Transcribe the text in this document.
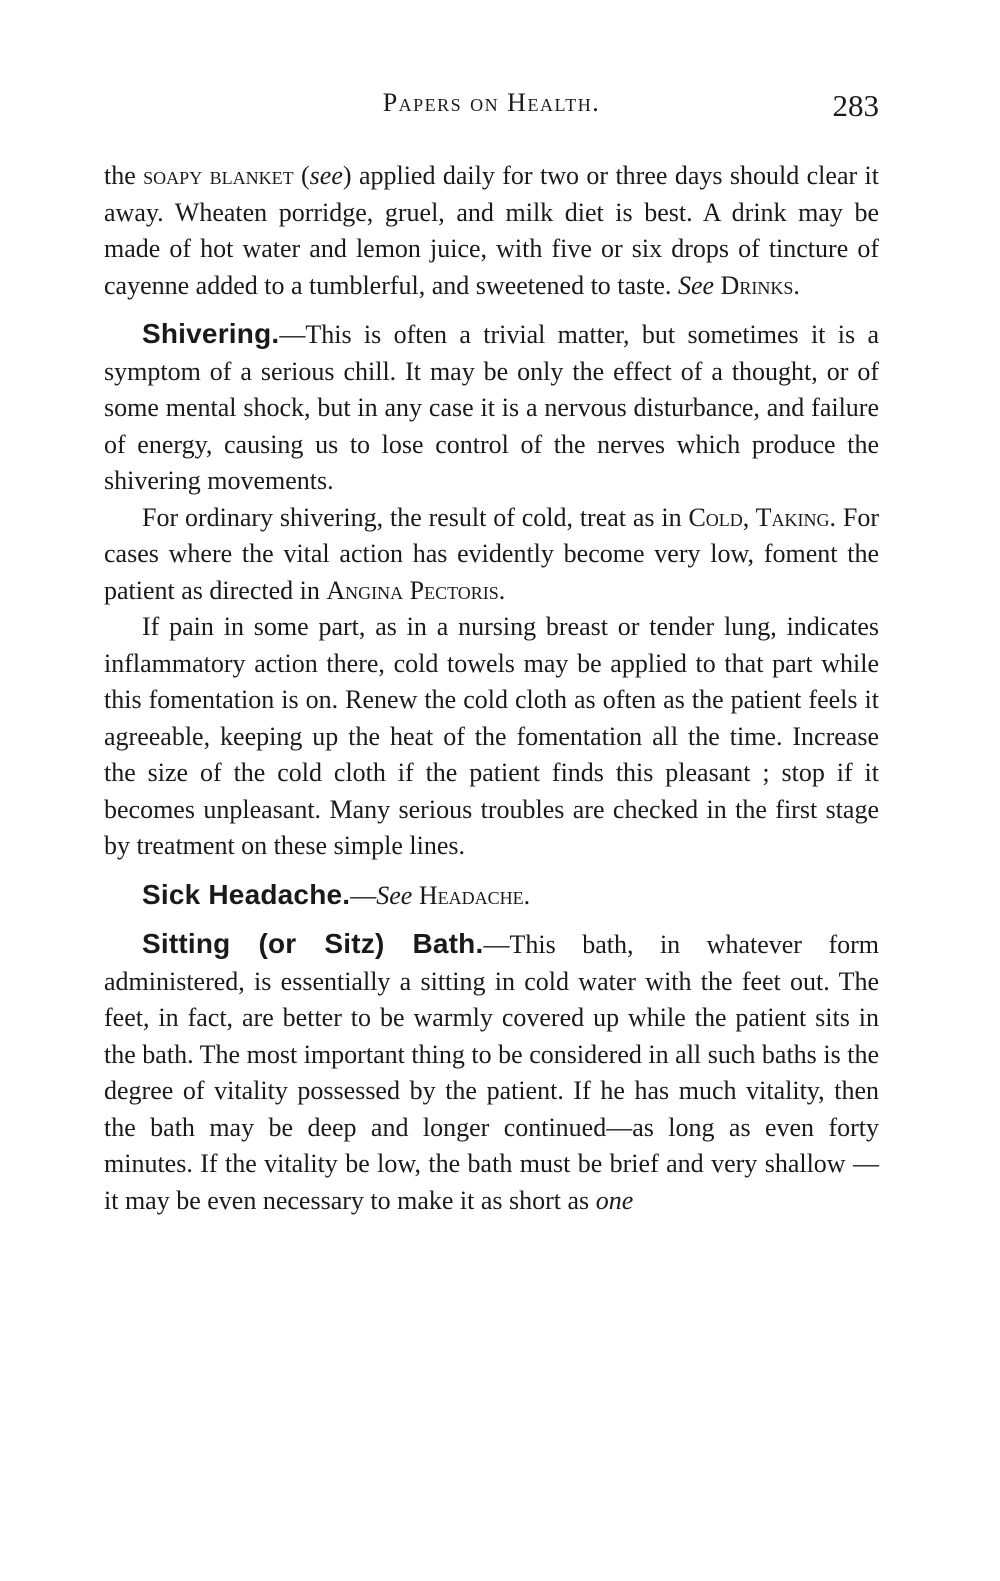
Papers on Health.	283

the soapy blanket (see) applied daily for two or three days should clear it away. Wheaten porridge, gruel, and milk diet is best. A drink may be made of hot water and lemon juice, with five or six drops of tincture of cayenne added to a tumblerful, and sweetened to taste. See Drinks.

Shivering.—This is often a trivial matter, but sometimes it is a symptom of a serious chill. It may be only the effect of a thought, or of some mental shock, but in any case it is a nervous disturbance, and failure of energy, causing us to lose control of the nerves which produce the shivering movements.

For ordinary shivering, the result of cold, treat as in Cold, Taking. For cases where the vital action has evidently become very low, foment the patient as directed in Angina Pectoris.

If pain in some part, as in a nursing breast or tender lung, indicates inflammatory action there, cold towels may be applied to that part while this fomentation is on. Renew the cold cloth as often as the patient feels it agreeable, keeping up the heat of the fomentation all the time. Increase the size of the cold cloth if the patient finds this pleasant ; stop if it becomes unpleasant. Many serious troubles are checked in the first stage by treatment on these simple lines.

Sick Headache.—See Headache.

Sitting (or Sitz) Bath.—This bath, in whatever form administered, is essentially a sitting in cold water with the feet out. The feet, in fact, are better to be warmly covered up while the patient sits in the bath. The most important thing to be considered in all such baths is the degree of vitality possessed by the patient. If he has much vitality, then the bath may be deep and longer continued—as long as even forty minutes. If the vitality be low, the bath must be brief and very shallow —it may be even necessary to make it as short as one
